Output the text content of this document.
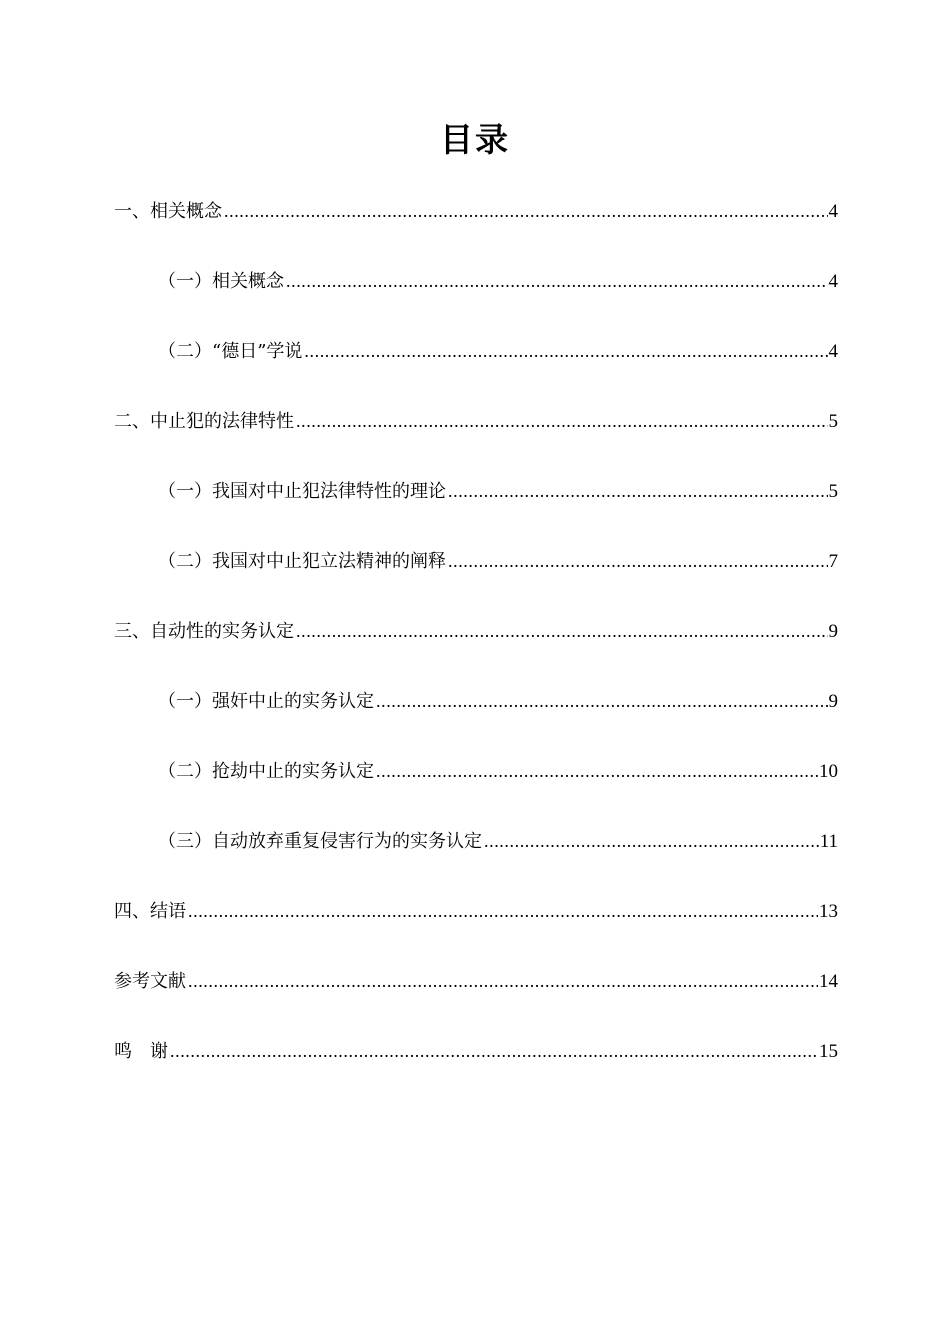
目录
一、相关概念 .....	4
（一）相关概念 .....	4
（二）“德日”学说 .....	4
二、中止犯的法律特性 .....	5
（一）我国对中止犯法律特性的理论 .....	5
（二）我国对中止犯立法精神的阐释 .....	7
三、自动性的实务认定 .....	9
（一）强奸中止的实务认定 .....	9
（二）抢劫中止的实务认定 .....	10
（三）自动放弃重复侵害行为的实务认定 .....	11
四、结语 .....	13
参考文献 .....	14
鸣　谢 .....	15
